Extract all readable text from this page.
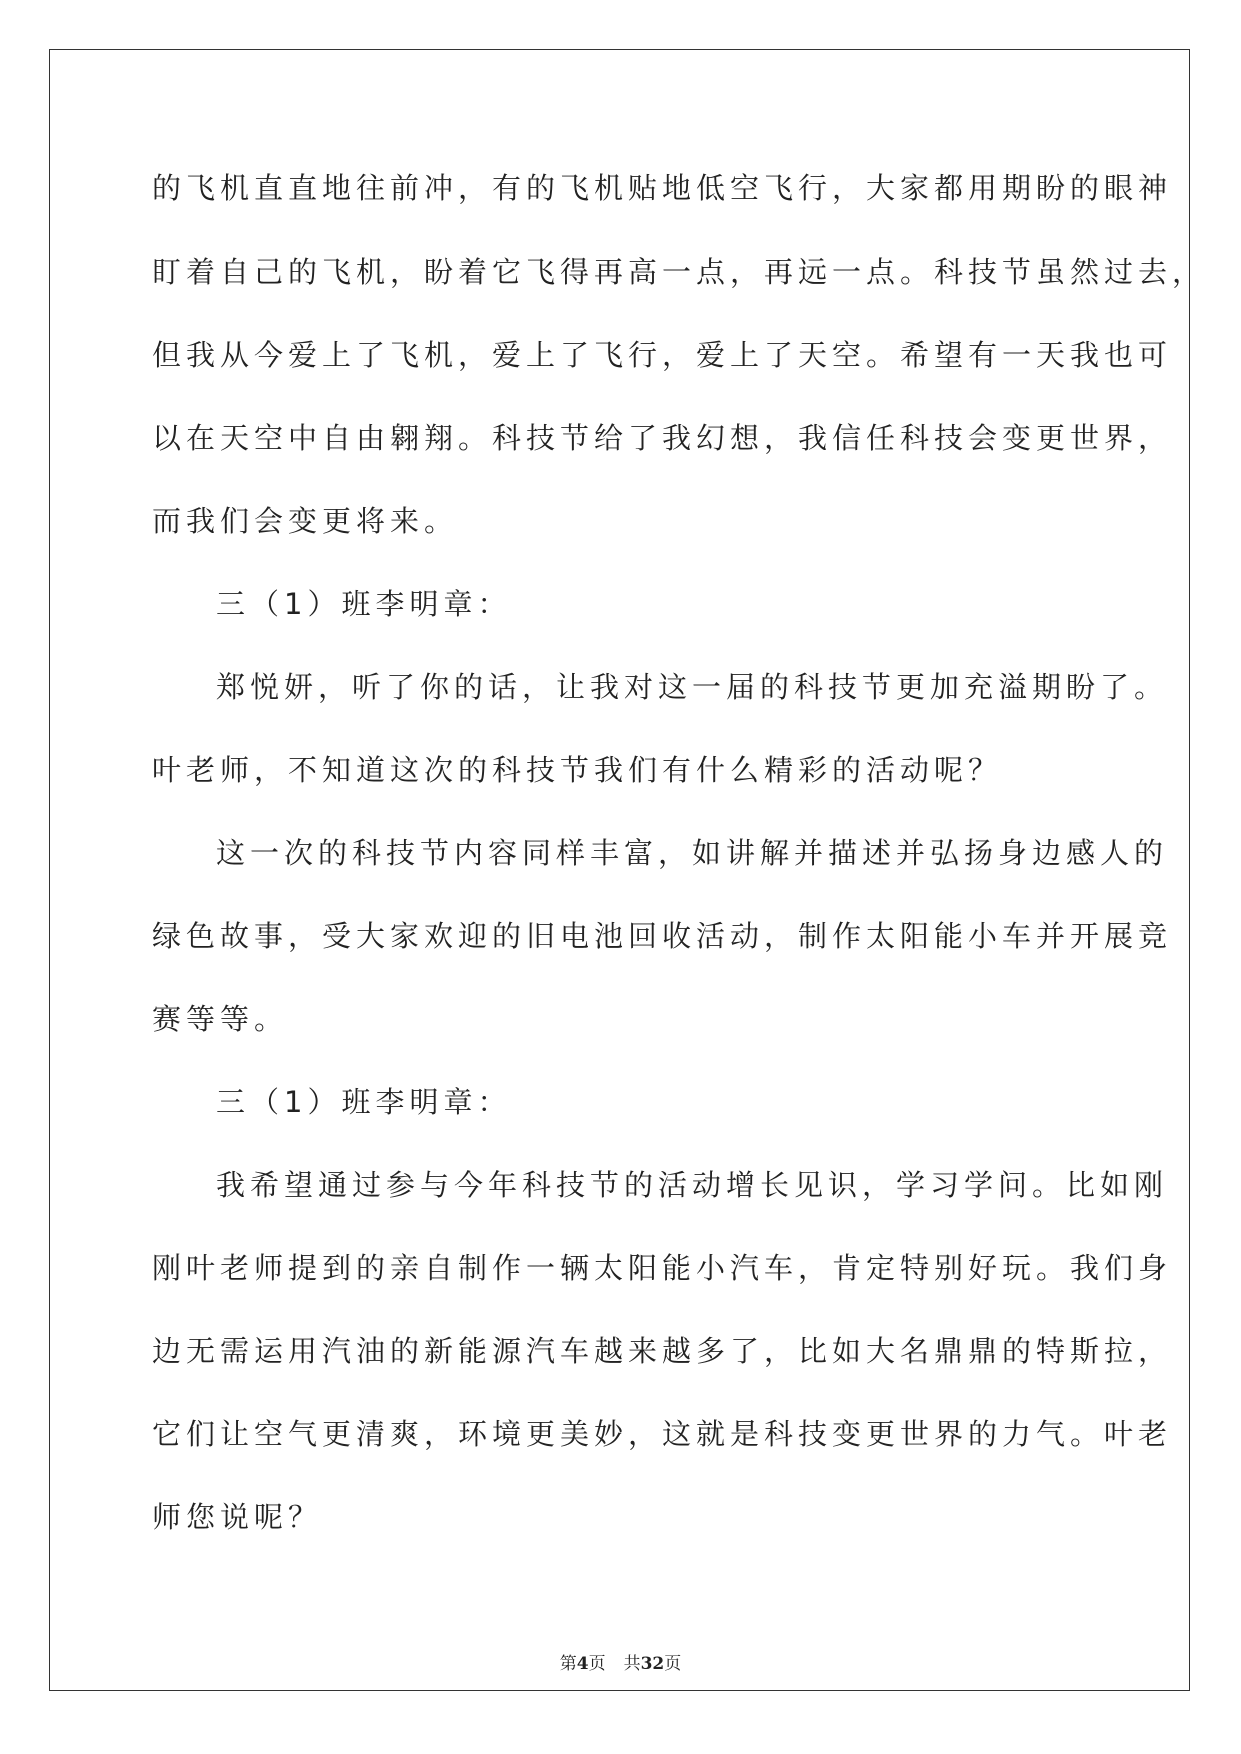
的飞机直直地往前冲，有的飞机贴地低空飞行，大家都用期盼的眼神
盯着自己的飞机，盼着它飞得再高一点，再远一点。科技节虽然过去，
但我从今爱上了飞机，爱上了飞行，爱上了天空。希望有一天我也可
以在天空中自由翱翔。科技节给了我幻想，我信任科技会变更世界，
而我们会变更将来。
三（1）班李明章：
郑悦妍，听了你的话，让我对这一届的科技节更加充溢期盼了。
叶老师，不知道这次的科技节我们有什么精彩的活动呢？
这一次的科技节内容同样丰富，如讲解并描述并弘扬身边感人的
绿色故事，受大家欢迎的旧电池回收活动，制作太阳能小车并开展竞
赛等等。
三（1）班李明章：
我希望通过参与今年科技节的活动增长见识，学习学问。比如刚
刚叶老师提到的亲自制作一辆太阳能小汽车，肯定特别好玩。我们身
边无需运用汽油的新能源汽车越来越多了，比如大名鼎鼎的特斯拉，
它们让空气更清爽，环境更美妙，这就是科技变更世界的力气。叶老
师您说呢？
第4页 共32页
